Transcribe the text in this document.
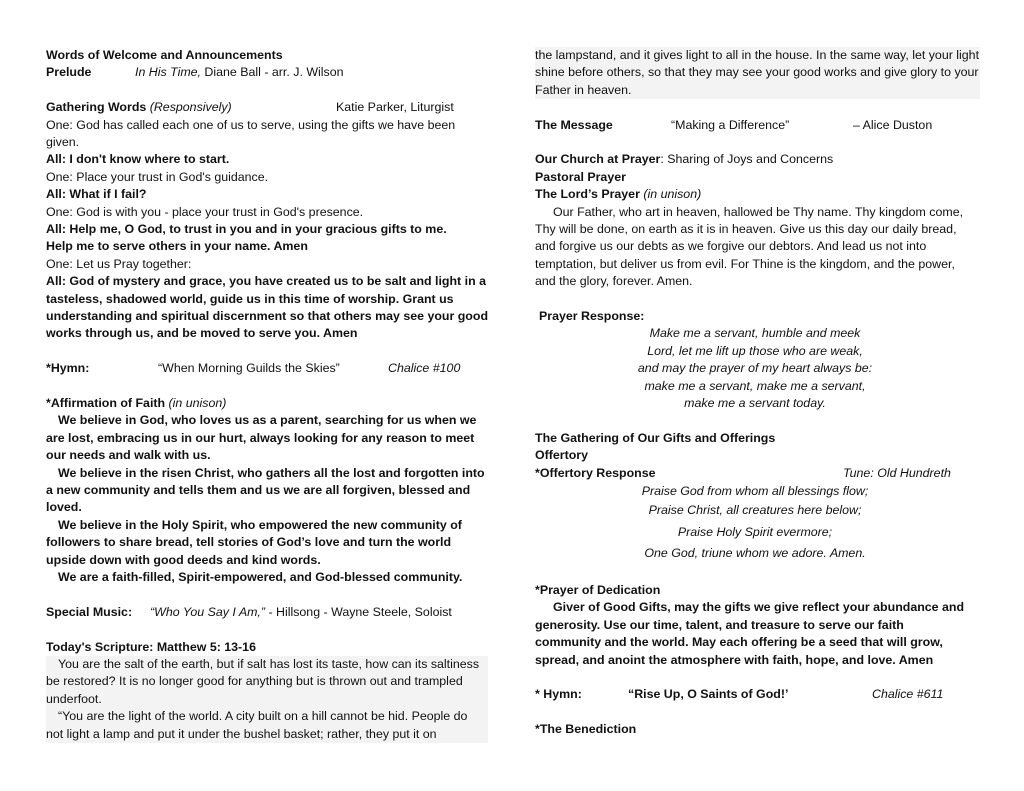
Words of Welcome and Announcements
Prelude	In His Time, Diane Ball - arr. J. Wilson
Gathering Words (Responsively)	Katie Parker, Liturgist
One: God has called each one of us to serve, using the gifts we have been given.
All: I don't know where to start.
One: Place your trust in God's guidance.
All: What if I fail?
One: God is with you - place your trust in God's presence.
All: Help me, O God, to trust in you and in your gracious gifts to me. Help me to serve others in your name. Amen
One: Let us Pray together:
All: God of mystery and grace, you have created us to be salt and light in a tasteless, shadowed world, guide us in this time of worship. Grant us understanding and spiritual discernment so that others may see your good works through us, and be moved to serve you. Amen
*Hymn:	“When Morning Guilds the Skies”	Chalice #100
*Affirmation of Faith (in unison)
We believe in God, who loves us as a parent, searching for us when we are lost, embracing us in our hurt, always looking for any reason to meet our needs and walk with us.
We believe in the risen Christ, who gathers all the lost and forgotten into a new community and tells them and us we are all forgiven, blessed and loved.
We believe in the Holy Spirit, who empowered the new community of followers to share bread, tell stories of God’s love and turn the world upside down with good deeds and kind words.
We are a faith-filled, Spirit-empowered, and God-blessed community.
Special Music: “Who You Say I Am,” - Hillsong - Wayne Steele, Soloist
Today's Scripture: Matthew 5: 13-16
You are the salt of the earth, but if salt has lost its taste, how can its saltiness be restored? It is no longer good for anything but is thrown out and trampled underfoot.
“You are the light of the world. A city built on a hill cannot be hid. People do not light a lamp and put it under the bushel basket; rather, they put it on
the lampstand, and it gives light to all in the house. In the same way, let your light shine before others, so that they may see your good works and give glory to your Father in heaven.
The Message	“Making a Difference”	– Alice Duston
Our Church at Prayer: Sharing of Joys and Concerns
Pastoral Prayer
The Lord’s Prayer (in unison)
Our Father, who art in heaven, hallowed be Thy name. Thy kingdom come, Thy will be done, on earth as it is in heaven. Give us this day our daily bread, and forgive us our debts as we forgive our debtors. And lead us not into temptation, but deliver us from evil. For Thine is the kingdom, and the power, and the glory, forever. Amen.
Prayer Response:
Make me a servant, humble and meek
Lord, let me lift up those who are weak,
and may the prayer of my heart always be:
make me a servant, make me a servant,
make me a servant today.
The Gathering of Our Gifts and Offerings
Offertory
*Offertory Response	Tune: Old Hundreth
Praise God from whom all blessings flow;
Praise Christ, all creatures here below;
Praise Holy Spirit evermore;
One God, triune whom we adore. Amen.
*Prayer of Dedication
Giver of Good Gifts, may the gifts we give reflect your abundance and generosity. Use our time, talent, and treasure to serve our faith community and the world. May each offering be a seed that will grow, spread, and anoint the atmosphere with faith, hope, and love. Amen
* Hymn:	“Rise Up, O Saints of God!’	Chalice #611
*The Benediction
